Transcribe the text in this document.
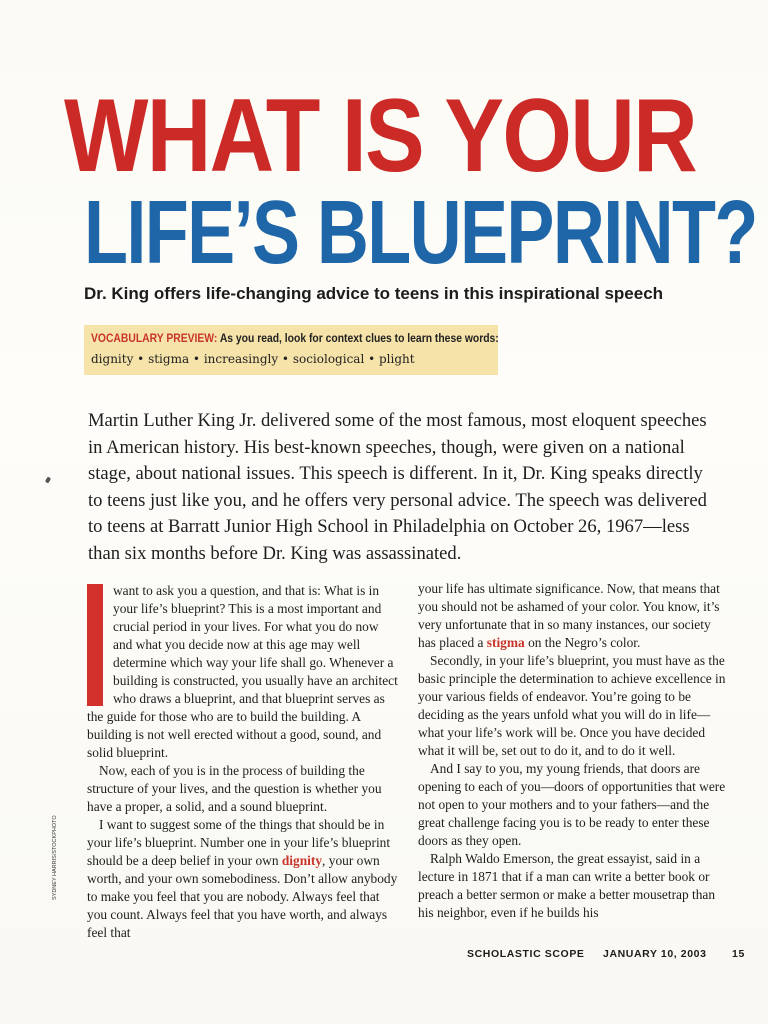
WHAT IS YOUR
LIFE’S BLUEPRINT?
Dr. King offers life-changing advice to teens in this inspirational speech
VOCABULARY PREVIEW: As you read, look for context clues to learn these words:
dignity • stigma • increasingly • sociological • plight
Martin Luther King Jr. delivered some of the most famous, most eloquent speeches in American history. His best-known speeches, though, were given on a national stage, about national issues. This speech is different. In it, Dr. King speaks directly to teens just like you, and he offers very personal advice. The speech was delivered to teens at Barratt Junior High School in Philadelphia on October 26, 1967—less than six months before Dr. King was assassinated.

want to ask you a question, and that is: What is in your life’s blueprint? This is a most important and crucial period in your lives. For what you do now and what you decide now at this age may well determine which way your life shall go. Whenever a building is constructed, you usually have an architect who draws a blueprint, and that blueprint serves as the guide for those who are to build the building. A building is not well erected without a good, sound, and solid blueprint.

Now, each of you is in the process of building the structure of your lives, and the question is whether you have a proper, a solid, and a sound blueprint.

I want to suggest some of the things that should be in your life’s blueprint. Number one in your life’s blueprint should be a deep belief in your own dignity, your own worth, and your own somebodiness. Don’t allow anybody to make you feel that you are nobody. Always feel that you count. Always feel that you have worth, and always feel that

your life has ultimate significance. Now, that means that you should not be ashamed of your color. You know, it’s very unfortunate that in so many instances, our society has placed a stigma on the Negro’s color.

Secondly, in your life’s blueprint, you must have as the basic principle the determination to achieve excellence in your various fields of endeavor. You’re going to be deciding as the years unfold what you will do in life—what your life’s work will be. Once you have decided what it will be, set out to do it, and to do it well.

And I say to you, my young friends, that doors are opening to each of you—doors of opportunities that were not open to your mothers and to your fathers—and the great challenge facing you is to be ready to enter these doors as they open.

Ralph Waldo Emerson, the great essayist, said in a lecture in 1871 that if a man can write a better book or preach a better sermon or make a better mousetrap than his neighbor, even if he builds his

SYDNEY HARRIS/STOCKPHOTO
SCHOLASTIC SCOPE JANUARY 10, 2003 15
